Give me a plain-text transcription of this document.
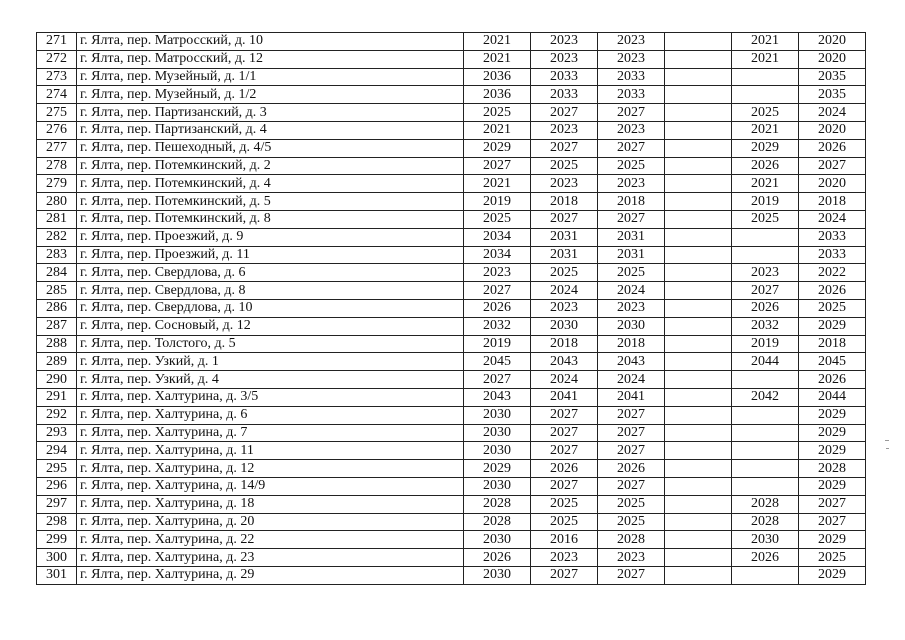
271	г. Ялта, пер. Матросский, д. 10	2021	2023	2023		2021	2020
272	г. Ялта, пер. Матросский, д. 12	2021	2023	2023		2021	2020
273	г. Ялта, пер. Музейный, д. 1/1	2036	2033	2033			2035
274	г. Ялта, пер. Музейный, д. 1/2	2036	2033	2033			2035
275	г. Ялта, пер. Партизанский, д. 3	2025	2027	2027		2025	2024
276	г. Ялта, пер. Партизанский, д. 4	2021	2023	2023		2021	2020
277	г. Ялта, пер. Пешеходный, д. 4/5	2029	2027	2027		2029	2026
278	г. Ялта, пер. Потемкинский, д. 2	2027	2025	2025		2026	2027
279	г. Ялта, пер. Потемкинский, д. 4	2021	2023	2023		2021	2020
280	г. Ялта, пер. Потемкинский, д. 5	2019	2018	2018		2019	2018
281	г. Ялта, пер. Потемкинский, д. 8	2025	2027	2027		2025	2024
282	г. Ялта, пер. Проезжий, д. 9	2034	2031	2031			2033
283	г. Ялта, пер. Проезжий, д. 11	2034	2031	2031			2033
284	г. Ялта, пер. Свердлова, д. 6	2023	2025	2025		2023	2022
285	г. Ялта, пер. Свердлова, д. 8	2027	2024	2024		2027	2026
286	г. Ялта, пер. Свердлова, д. 10	2026	2023	2023		2026	2025
287	г. Ялта, пер. Сосновый, д. 12	2032	2030	2030		2032	2029
288	г. Ялта, пер. Толстого, д. 5	2019	2018	2018		2019	2018
289	г. Ялта, пер. Узкий, д. 1	2045	2043	2043		2044	2045
290	г. Ялта, пер. Узкий, д. 4	2027	2024	2024			2026
291	г. Ялта, пер. Халтурина, д. 3/5	2043	2041	2041		2042	2044
292	г. Ялта, пер. Халтурина, д. 6	2030	2027	2027			2029
293	г. Ялта, пер. Халтурина, д. 7	2030	2027	2027			2029
294	г. Ялта, пер. Халтурина, д. 11	2030	2027	2027			2029
295	г. Ялта, пер. Халтурина, д. 12	2029	2026	2026			2028
296	г. Ялта, пер. Халтурина, д. 14/9	2030	2027	2027			2029
297	г. Ялта, пер. Халтурина, д. 18	2028	2025	2025		2028	2027
298	г. Ялта, пер. Халтурина, д. 20	2028	2025	2025		2028	2027
299	г. Ялта, пер. Халтурина, д. 22	2030	2016	2028		2030	2029
300	г. Ялта, пер. Халтурина, д. 23	2026	2023	2023		2026	2025
301	г. Ялта, пер. Халтурина, д. 29	2030	2027	2027			2029
